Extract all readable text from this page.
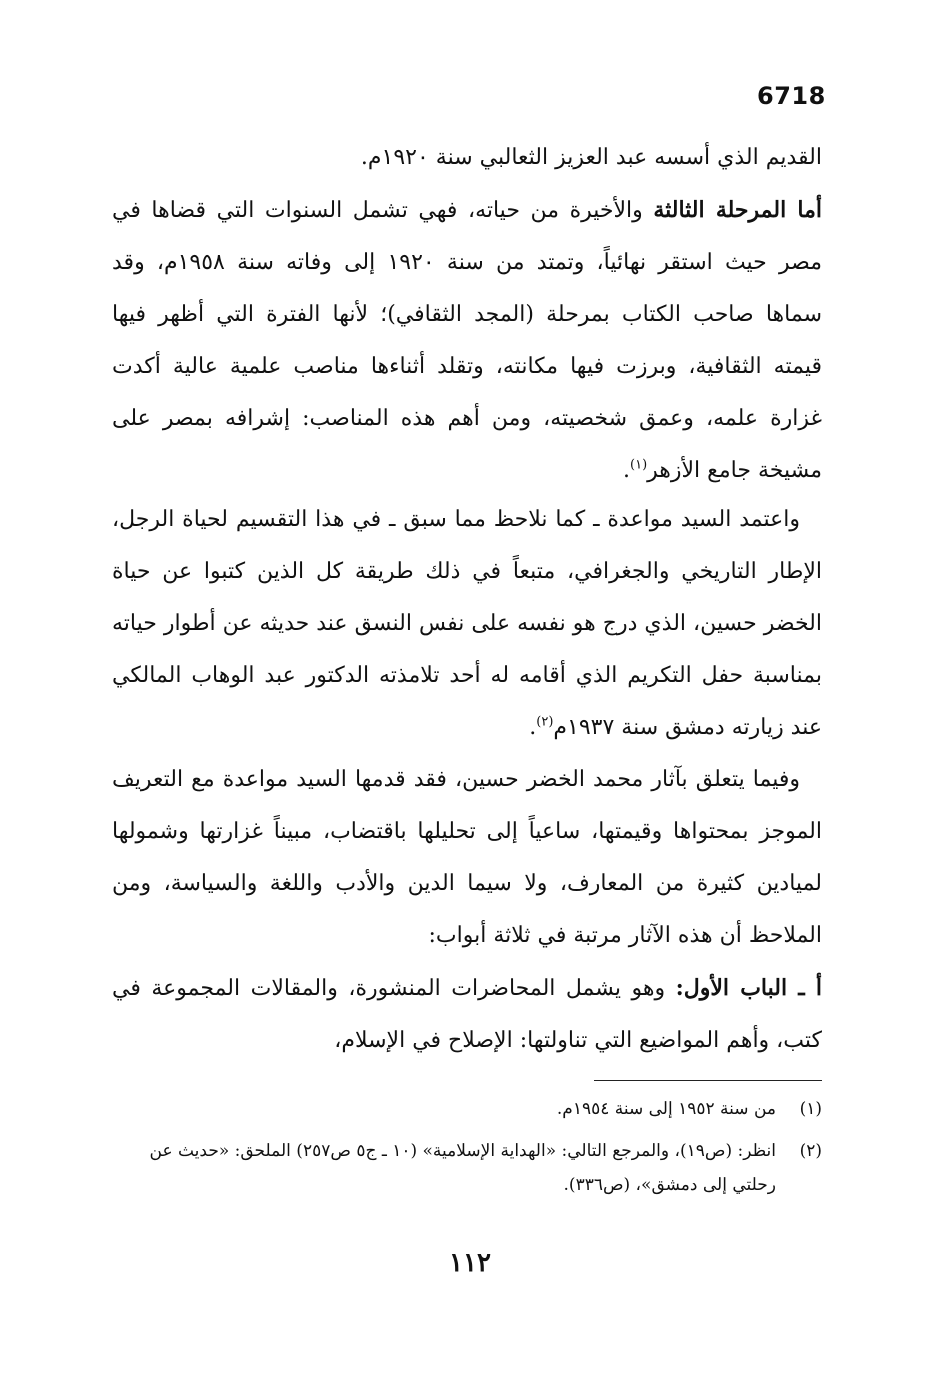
6718

القديم الذي أسسه عبد العزيز الثعالبي سنة ١٩٢٠م.

أما المرحلة الثالثة والأخيرة من حياته، فهي تشمل السنوات التي قضاها في مصر حيث استقر نهائياً، وتمتد من سنة ١٩٢٠ إلى وفاته سنة ١٩٥٨م، وقد سماها صاحب الكتاب بمرحلة (المجد الثقافي)؛ لأنها الفترة التي أظهر فيها قيمته الثقافية، وبرزت فيها مكانته، وتقلد أثناءها مناصب علمية عالية أكدت غزارة علمه، وعمق شخصيته، ومن أهم هذه المناصب: إشرافه بمصر على مشيخة جامع الأزهر$^{(١)}$.

واعتمد السيد مواعدة ـ كما نلاحظ مما سبق ـ في هذا التقسيم لحياة الرجل، الإطار التاريخي والجغرافي، متبعاً في ذلك طريقة كل الذين كتبوا عن حياة الخضر حسين، الذي درج هو نفسه على نفس النسق عند حديثه عن أطوار حياته بمناسبة حفل التكريم الذي أقامه له أحد تلامذته الدكتور عبد الوهاب المالكي عند زيارته دمشق سنة ١٩٣٧م$^{(٢)}$.

وفيما يتعلق بآثار محمد الخضر حسين، فقد قدمها السيد مواعدة مع التعريف الموجز بمحتواها وقيمتها، ساعياً إلى تحليلها باقتضاب، مبيناً غزارتها وشمولها لميادين كثيرة من المعارف، ولا سيما الدين والأدب واللغة والسياسة، ومن الملاحظ أن هذه الآثار مرتبة في ثلاثة أبواب:

أ ـ الباب الأول: وهو يشمل المحاضرات المنشورة، والمقالات المجموعة في كتب، وأهم المواضيع التي تناولتها: الإصلاح في الإسلام،

(١)
من سنة ١٩٥٢ إلى سنة ١٩٥٤م.
(٢)
انظر: (ص١٩)، والمرجع التالي: «الهداية الإسلامية» (١٠ ـ ج٥ ص٢٥٧) الملحق: «حديث عن رحلتي إلى دمشق»، (ص٣٣٦).
١١٢
